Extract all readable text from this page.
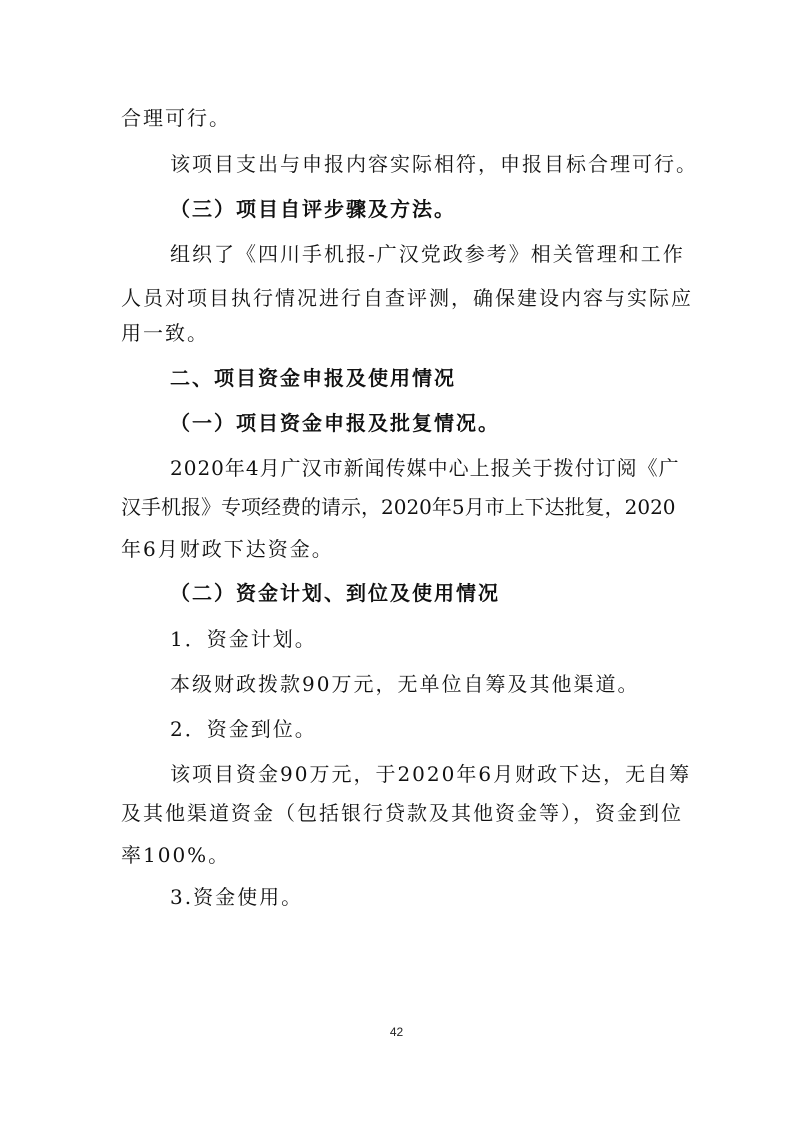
合理可行。
该项目支出与申报内容实际相符，申报目标合理可行。
（三）项目自评步骤及方法。
组织了《四川手机报-广汉党政参考》相关管理和工作
人员对项目执行情况进行自查评测，确保建设内容与实际应
用一致。
二、项目资金申报及使用情况
（一）项目资金申报及批复情况。
2020年4月广汉市新闻传媒中心上报关于拨付订阅《广
汉手机报》专项经费的请示，2020年5月市上下达批复，2020
年6月财政下达资金。
（二）资金计划、到位及使用情况
1．资金计划。
本级财政拨款90万元，无单位自筹及其他渠道。
2．资金到位。
该项目资金90万元，于2020年6月财政下达，无自筹
及其他渠道资金（包括银行贷款及其他资金等），资金到位
率100%。
3.资金使用。
42
